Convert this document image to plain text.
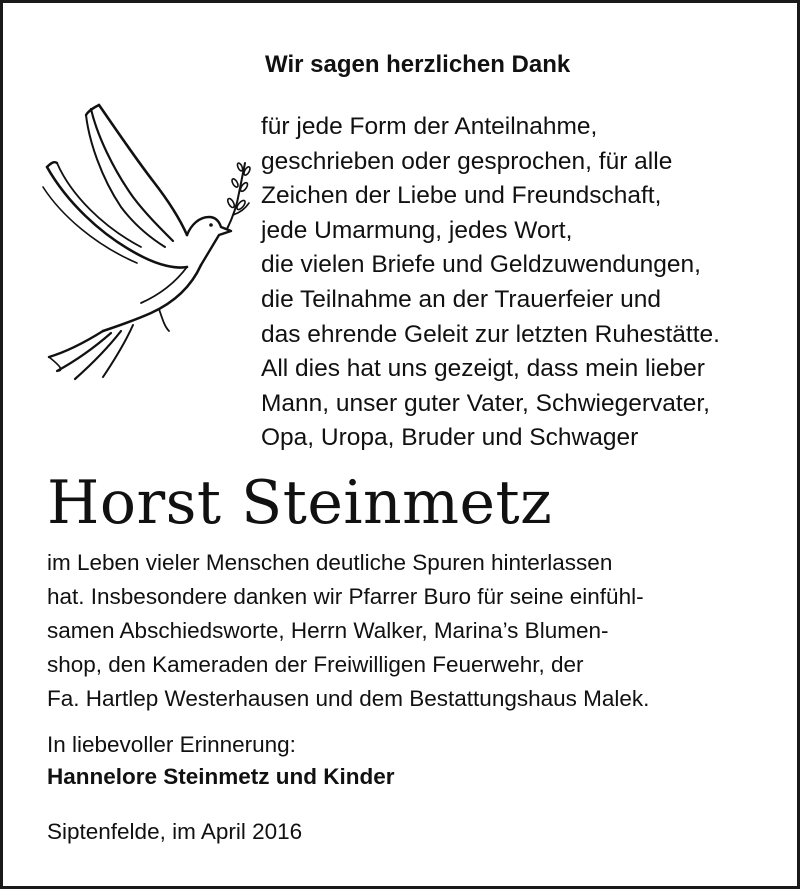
Wir sagen herzlichen Dank

für jede Form der Anteilnahme,
geschrieben oder gesprochen, für alle
Zeichen der Liebe und Freundschaft,
jede Umarmung, jedes Wort,
die vielen Briefe und Geldzuwendungen,
die Teilnahme an der Trauerfeier und
das ehrende Geleit zur letzten Ruhestätte.
All dies hat uns gezeigt, dass mein lieber
Mann, unser guter Vater, Schwiegervater,
Opa, Uropa, Bruder und Schwager

Horst Steinmetz

im Leben vieler Menschen deutliche Spuren hinterlassen
hat. Insbesondere danken wir Pfarrer Buro für seine einfühl-
samen Abschiedsworte, Herrn Walker, Marina’s Blumen-
shop, den Kameraden der Freiwilligen Feuerwehr, der
Fa. Hartlep Westerhausen und dem Bestattungshaus Malek.

In liebevoller Erinnerung:

Hannelore Steinmetz und Kinder

Siptenfelde, im April 2016
